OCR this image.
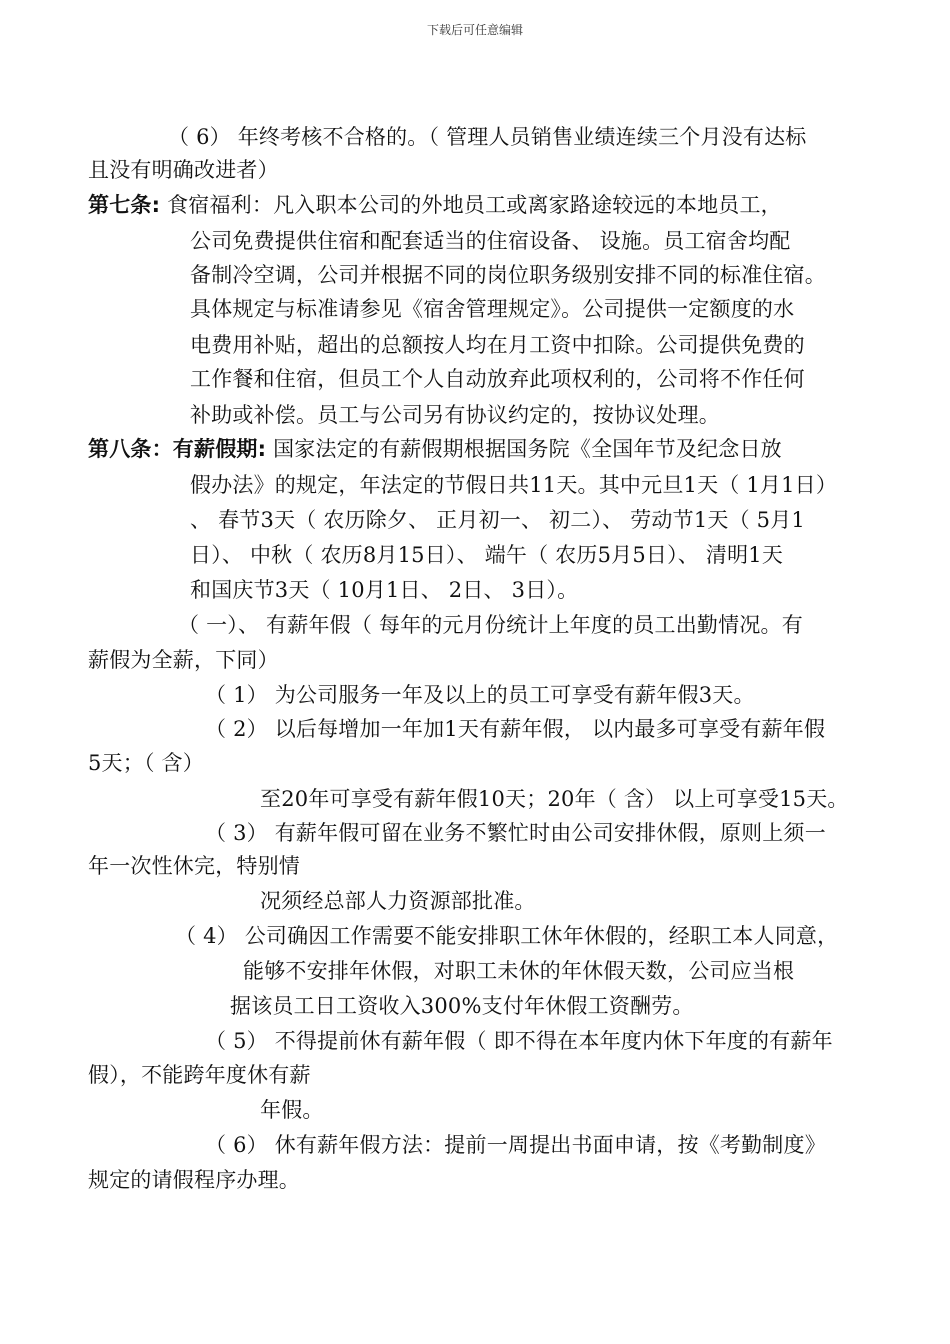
下载后可任意编辑
（ 6） 年终考核不合格的。（ 管理人员销售业绩连续三个月没有达标
且没有明确改进者）
第七条: 食宿福利：凡入职本公司的外地员工或离家路途较远的本地员工，
公司免费提供住宿和配套适当的住宿设备、 设施。员工宿舍均配
备制冷空调，公司并根据不同的岗位职务级别安排不同的标准住宿。
具体规定与标准请参见《宿舍管理规定》。公司提供一定额度的水
电费用补贴，超出的总额按人均在月工资中扣除。公司提供免费的
工作餐和住宿，但员工个人自动放弃此项权利的，公司将不作任何
补助或补偿。员工与公司另有协议约定的，按协议处理。
第八条：有薪假期: 国家法定的有薪假期根据国务院《全国年节及纪念日放
假办法》的规定，年法定的节假日共11天。其中元旦1天（ 1月1日）
、 春节3天（ 农历除夕、 正月初一、 初二）、 劳动节1天（ 5月1
日）、 中秋（ 农历8月15日）、 端午（ 农历5月5日）、 清明1天
和国庆节3天（ 10月1日、 2日、 3日）。
（ 一）、 有薪年假（ 每年的元月份统计上年度的员工出勤情况。有
薪假为全薪，下同）
（ 1） 为公司服务一年及以上的员工可享受有薪年假3天。
（ 2） 以后每增加一年加1天有薪年假， 以内最多可享受有薪年假
5天；（ 含）
至20年可享受有薪年假10天；20年（ 含） 以上可享受15天。
（ 3） 有薪年假可留在业务不繁忙时由公司安排休假，原则上须一
年一次性休完，特别情
况须经总部人力资源部批准。
（ 4） 公司确因工作需要不能安排职工休年休假的，经职工本人同意，
能够不安排年休假，对职工未休的年休假天数，公司应当根
据该员工日工资收入300%支付年休假工资酬劳。
（ 5） 不得提前休有薪年假（ 即不得在本年度内休下年度的有薪年
假），不能跨年度休有薪
年假。
（ 6） 休有薪年假方法：提前一周提出书面申请，按《考勤制度》
规定的请假程序办理。
